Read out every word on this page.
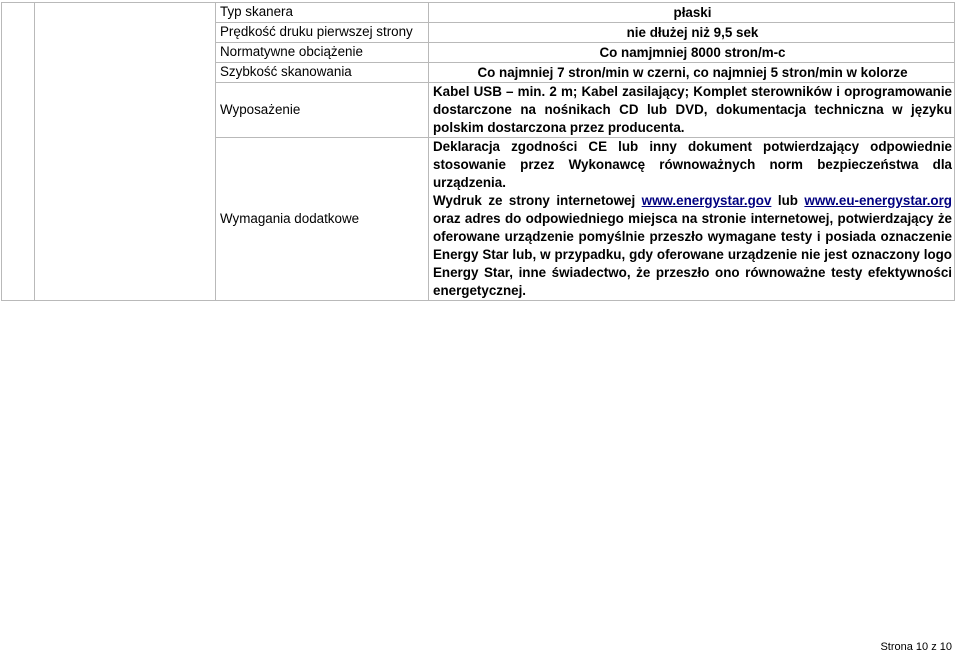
		Typ skanera	płaski
		Prędkość druku pierwszej strony	nie dłużej niż 9,5 sek
		Normatywne obciążenie	Co namjmniej 8000 stron/m-c
		Szybkość skanowania	Co najmniej 7 stron/min w czerni, co najmniej 5 stron/min w kolorze
		Wyposażenie	Kabel USB – min. 2 m; Kabel zasilający; Komplet sterowników i oprogramowanie dostarczone na nośnikach CD lub DVD, dokumentacja techniczna w języku polskim dostarczona przez producenta.
		Wymagania dodatkowe	Deklaracja zgodności CE lub inny dokument potwierdzający odpowiednie stosowanie przez Wykonawcę równoważnych norm bezpieczeństwa dla urządzenia.
Wydruk ze strony internetowej www.energystar.gov lub www.eu-energystar.org
oraz adres do odpowiedniego miejsca na stronie internetowej, potwierdzający że oferowane urządzenie pomyślnie przeszło wymagane testy i posiada oznaczenie Energy Star lub, w przypadku, gdy oferowane urządzenie nie jest oznaczony logo Energy Star, inne świadectwo, że przeszło ono równoważne testy efektywności energetycznej.
Strona 10 z 10
